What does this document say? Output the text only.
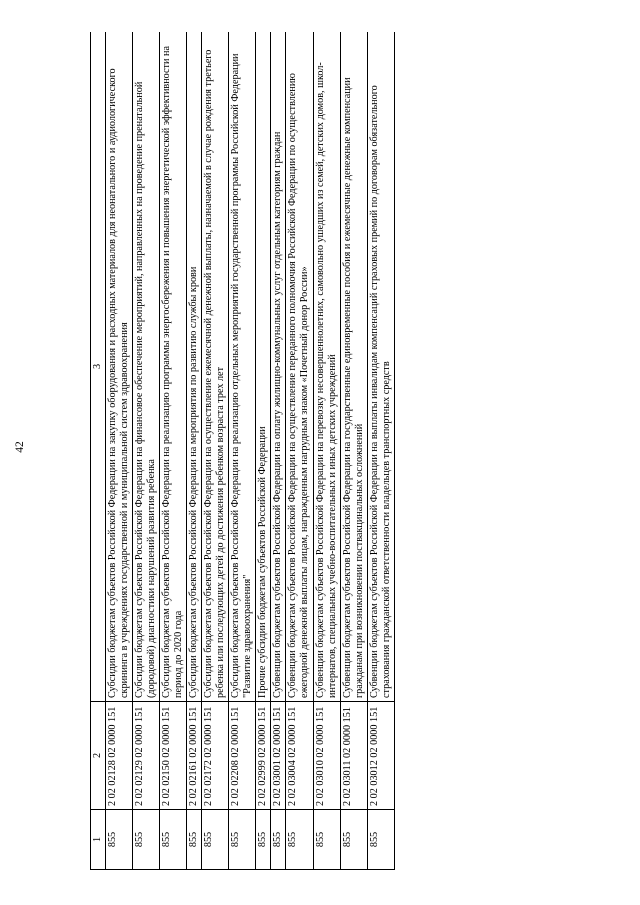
42
1	2	3
855	2 02 02128 02 0000 151	Субсидии бюджетам субъектов Российской Федерации на закупку оборудования и расходных материалов для неонатального и аудиологического скрининга в учреждениях государственной и муниципальной систем здравоохранения
855	2 02 02129 02 0000 151	Субсидии бюджетам субъектов Российской Федерации на финансовое обеспечение мероприятий, направленных на проведение пренатальной (дородовой) диагностики нарушений развития ребенка
855	2 02 02150 02 0000 151	Субсидии бюджетам субъектов Российской Федерации на реализацию программы энергосбережения и повышения энергетической эффективности на период до 2020 года
855	2 02 02161 02 0000 151	Субсидии бюджетам субъектов Российской Федерации на мероприятия по развитию службы крови
855	2 02 02172 02 0000 151	Субсидии бюджетам субъектов Российской Федерации на осуществление ежемесячной денежной выплаты, назначаемой в случае рождения третьего ребенка или последующих детей до достижения ребенком возраста трех лет
855	2 02 02208 02 0000 151	Субсидии бюджетам субъектов Российской Федерации на реализацию отдельных мероприятий государственной программы Российской Федерации "Развитие здравоохранения"
855	2 02 02999 02 0000 151	Прочие субсидии бюджетам субъектов Российской Федерации
855	2 02 03001 02 0000 151	Субвенции бюджетам субъектов Российской Федерации на оплату жилищно-коммунальных услуг отдельным категориям граждан
855	2 02 03004 02 0000 151	Субвенции бюджетам субъектов Российской Федерации на осуществление переданного полномочия Российской Федерации по осуществлению ежегодной денежной выплаты лицам, награжденным нагрудным знаком «Почетный донор России»
855	2 02 03010 02 0000 151	Субвенции бюджетам субъектов Российской Федерации на перевозку несовершеннолетних, самовольно ушедших из семей, детских домов, школ-интернатов, специальных учебно-воспитательных и иных детских учреждений
855	2 02 03011 02 0000 151	Субвенции бюджетам субъектов Российской Федерации на государственные единовременные пособия и ежемесячные денежные компенсации гражданам при возникновении поствакцинальных осложнений
855	2 02 03012 02 0000 151	Субвенции бюджетам субъектов Российской Федерации на выплаты инвалидам компенсаций страховых премий по договорам обязательного страхования гражданской ответственности владельцев транспортных средств
